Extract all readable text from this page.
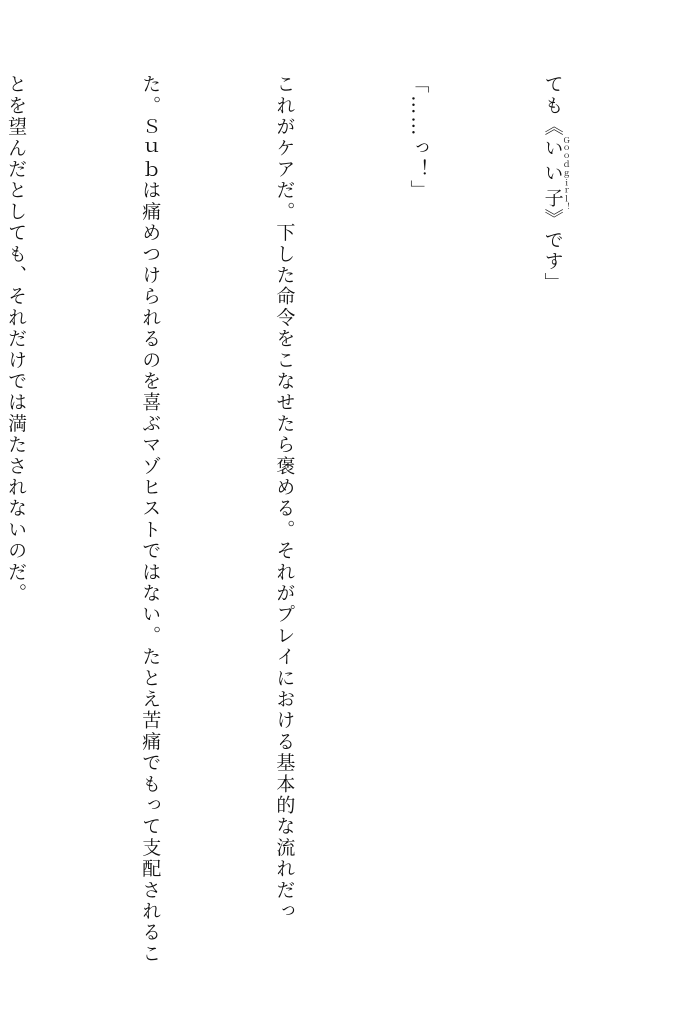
ても《いい子Ｇｏｏｄ ｇｉｒｌ！》です」

「……っ！」

これがケアだ。下した命令をこなせたら褒める。それがプレイにおける基本的な流れだっ

た。Ｓｕｂは痛めつけられるのを喜ぶマゾヒストではない。たとえ苦痛でもって支配されるこ

とを望んだとしても、それだけでは満たされないのだ。
